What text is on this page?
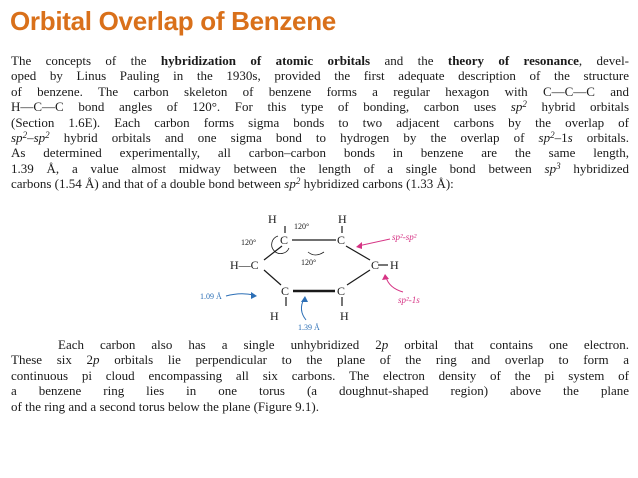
Orbital Overlap of Benzene
The concepts of the hybridization of atomic orbitals and the theory of resonance, devel-
oped by Linus Pauling in the 1930s, provided the first adequate description of the structure
of benzene. The carbon skeleton of benzene forms a regular hexagon with C—C—C and
H—C—C bond angles of 120°. For this type of bonding, carbon uses $sp^2$ hybrid orbitals
(Section 1.6E). Each carbon forms sigma bonds to two adjacent carbons by the overlap of
$sp^2-sp^2$ hybrid orbitals and one sigma bond to hydrogen by the overlap of $sp^2-1s$ orbitals.
As determined experimentally, all carbon–carbon bonds in benzene are the same length,
1.39 Å, a value almost midway between the length of a single bond between $sp^3$ hybridized
carbons (1.54 Å) and that of a double bond between $sp^2$ hybridized carbons (1.33 Å):
H	H
C	C
H—C	C H
C	C
H	H
120°
120°
120°
sp²-sp²
sp²-1s
1.09 Å
1.39 Å
Each carbon also has a single unhybridized 2p orbital that contains one electron.
These six 2p orbitals lie perpendicular to the plane of the ring and overlap to form a
continuous pi cloud encompassing all six carbons. The electron density of the pi system of
a benzene ring lies in one torus (a doughnut-shaped region) above the plane
of the ring and a second torus below the plane (Figure 9.1).
